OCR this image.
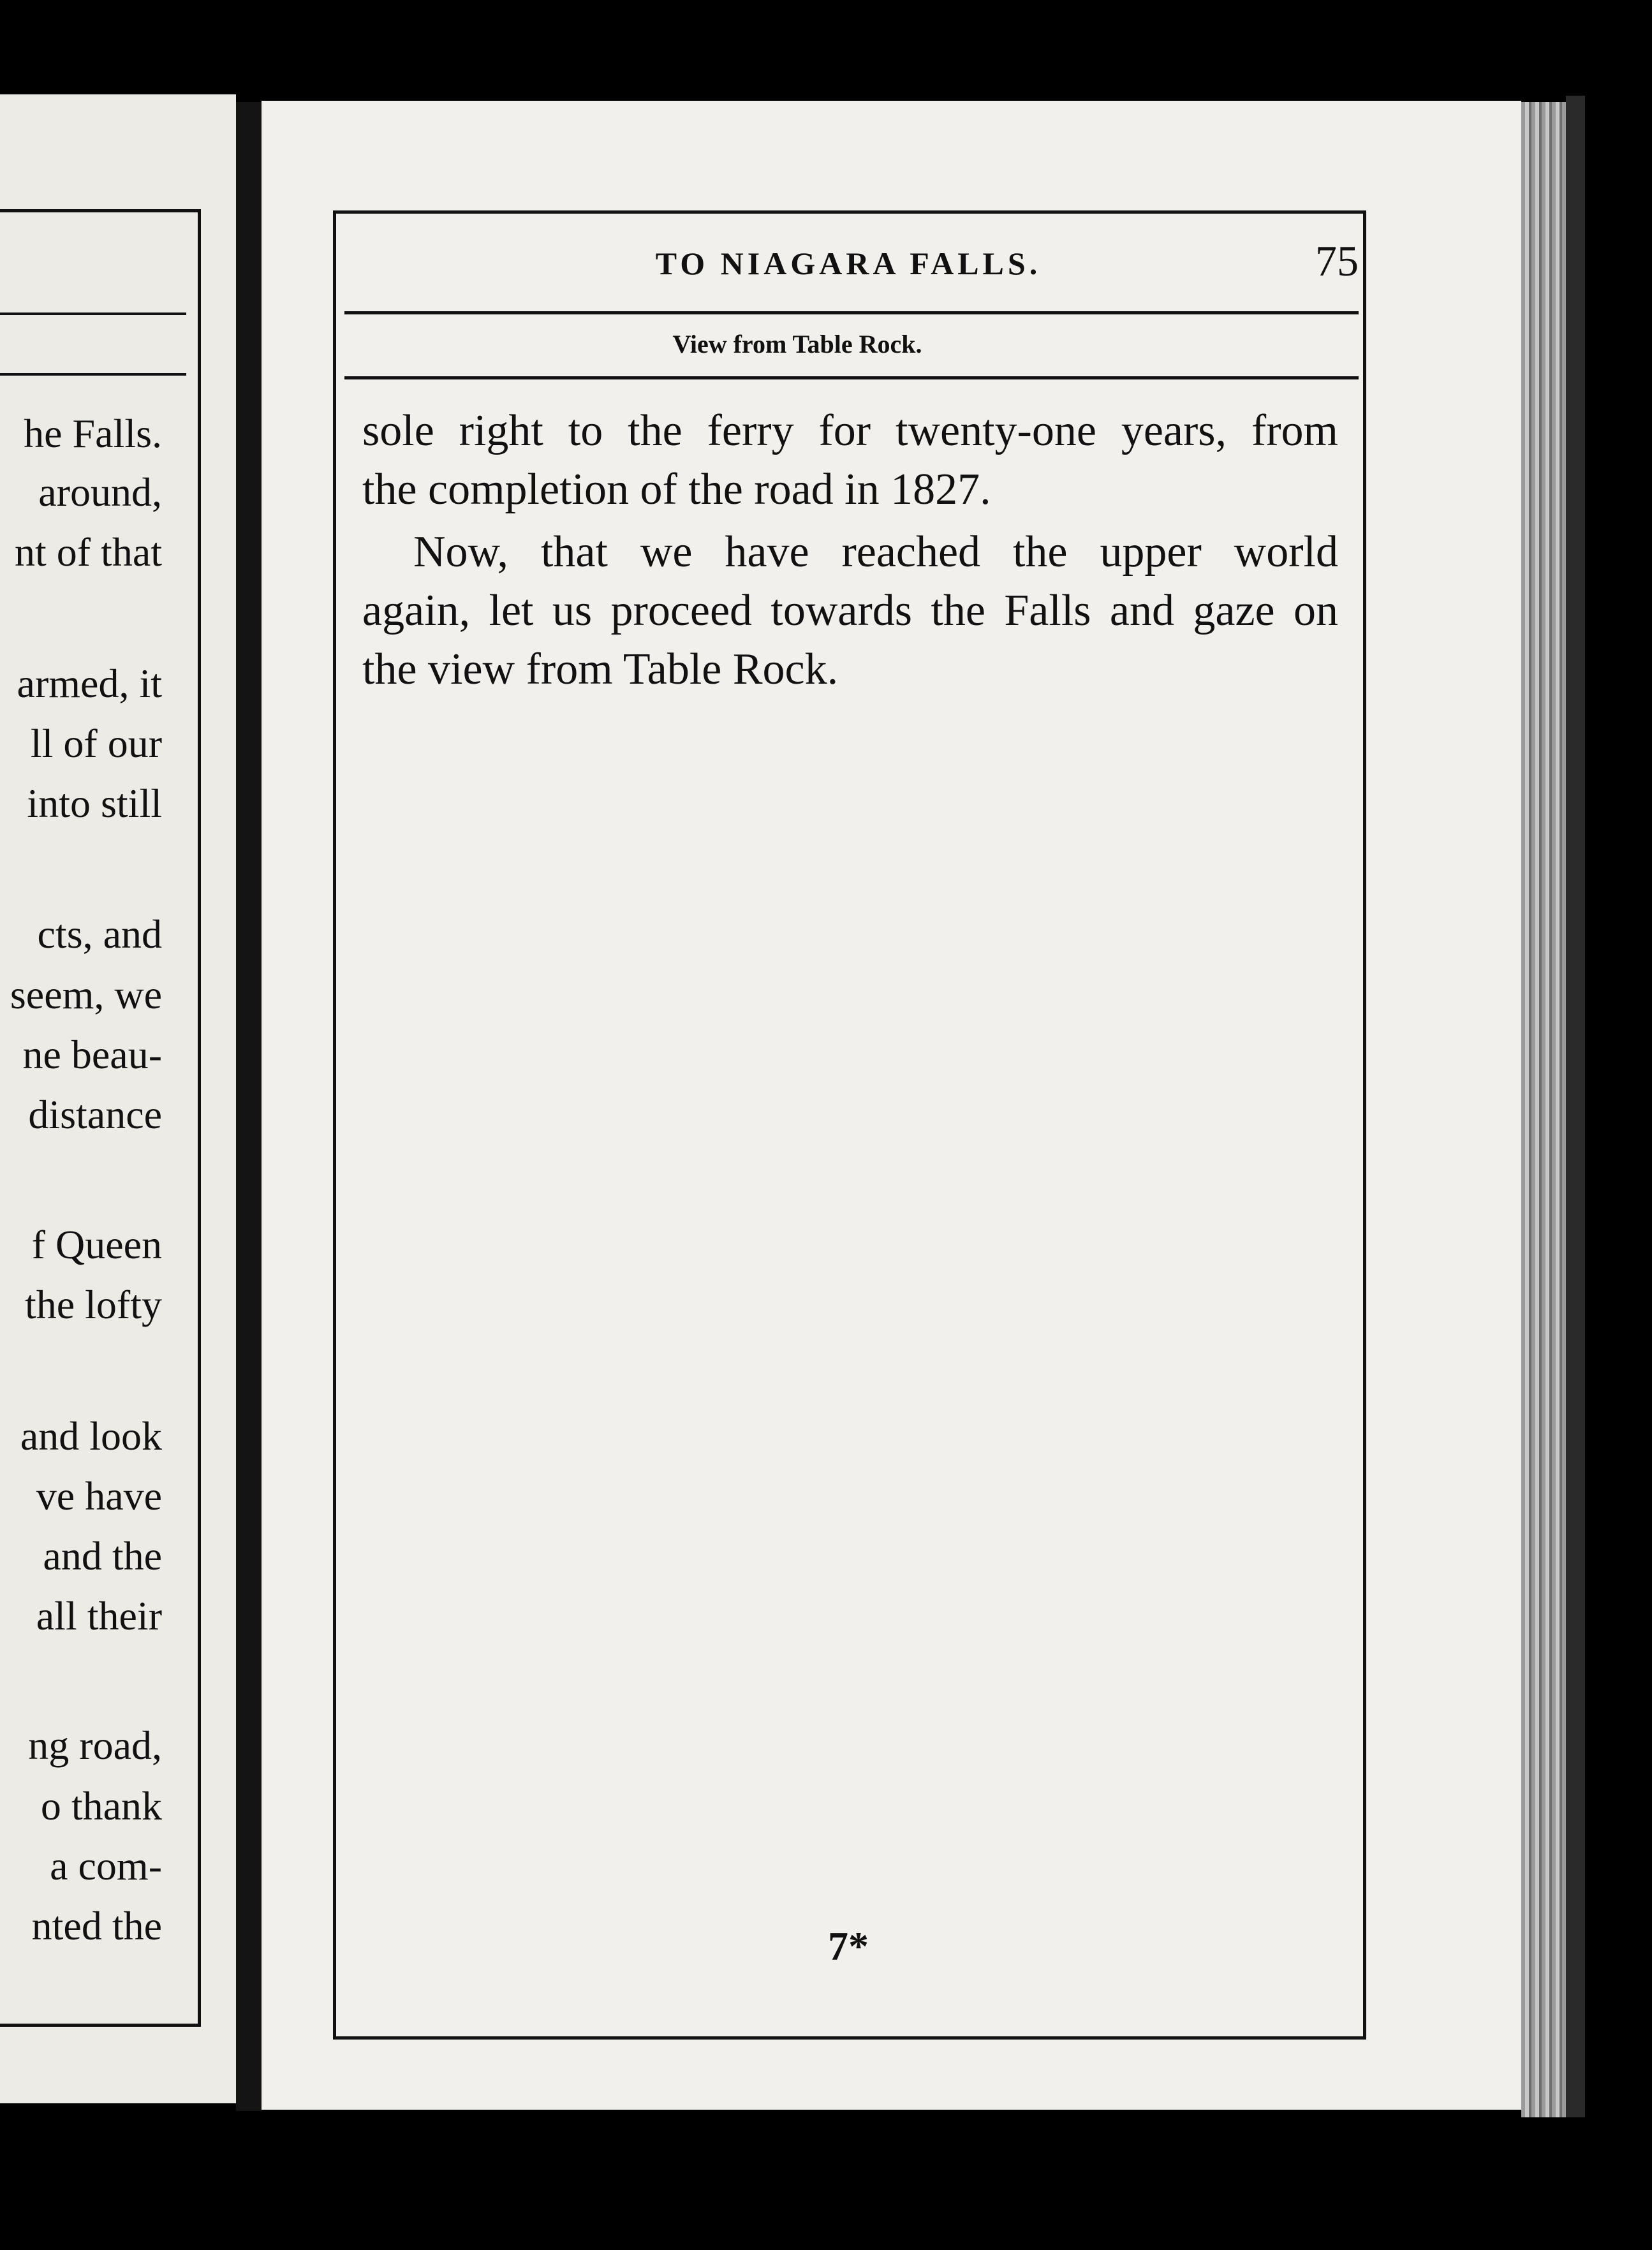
he Falls.
around,
nt of that
armed, it
ll of our
into still
cts, and
seem, we
ne beau-
distance
f Queen
the lofty
and look
ve have
and the
all their
ng road,
o thank
a com-
nted the
TO NIAGARA FALLS.	75
View from Table Rock.
sole right to the ferry for twenty-one years, from
the completion of the road in 1827.
Now, that we have reached the upper world
again, let us proceed towards the Falls and gaze on
the view from Table Rock.
7*
